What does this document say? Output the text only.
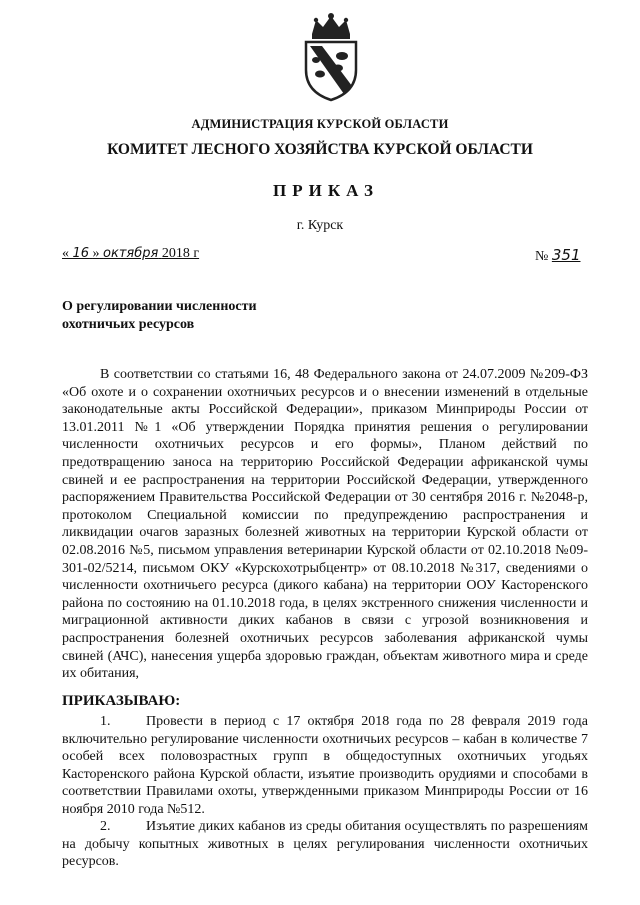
АДМИНИСТРАЦИЯ КУРСКОЙ ОБЛАСТИ
КОМИТЕТ ЛЕСНОГО ХОЗЯЙСТВА КУРСКОЙ ОБЛАСТИ
ПРИКАЗ
г. Курск
« 16 » октября 2018 г	№ 351
О регулировании численности
охотничьих ресурсов
В соответствии со статьями 16, 48 Федерального закона от 24.07.2009 №209-ФЗ «Об охоте и о сохранении охотничьих ресурсов и о внесении изменений в отдельные законодательные акты Российской Федерации», приказом Минприроды России от 13.01.2011 №1 «Об утверждении Порядка принятия решения о регулировании численности охотничьих ресурсов и его формы», Планом действий по предотвращению заноса на территорию Российской Федерации африканской чумы свиней и ее распространения на территории Российской Федерации, утвержденного распоряжением Правительства Российской Федерации от 30 сентября 2016 г. №2048-р, протоколом Специальной комиссии по предупреждению распространения и ликвидации очагов заразных болезней животных на территории Курской области от 02.08.2016 №5, письмом управления ветеринарии Курской области от 02.10.2018 №09-301-02/5214, письмом ОКУ «Курскохотрыбцентр» от 08.10.2018 №317, сведениями о численности охотничьего ресурса (дикого кабана) на территории ООУ Касторенского района по состоянию на 01.10.2018 года, в целях экстренного снижения численности и миграционной активности диких кабанов в связи с угрозой возникновения и распространения болезней охотничьих ресурсов заболевания африканской чумы свиней (АЧС), нанесения ущерба здоровью граждан, объектам животного мира и среде их обитания,
ПРИКАЗЫВАЮ:
1.	Провести в период с 17 октября 2018 года по 28 февраля 2019 года включительно регулирование численности охотничьих ресурсов – кабан в количестве 7 особей всех половозрастных групп в общедоступных охотничьих угодьях Касторенского района Курской области, изъятие производить орудиями и способами в соответствии Правилами охоты, утвержденными приказом Минприроды России от 16 ноября 2010 года №512.
2.	Изъятие диких кабанов из среды обитания осуществлять по разрешениям на добычу копытных животных в целях регулирования численности охотничьих ресурсов.
